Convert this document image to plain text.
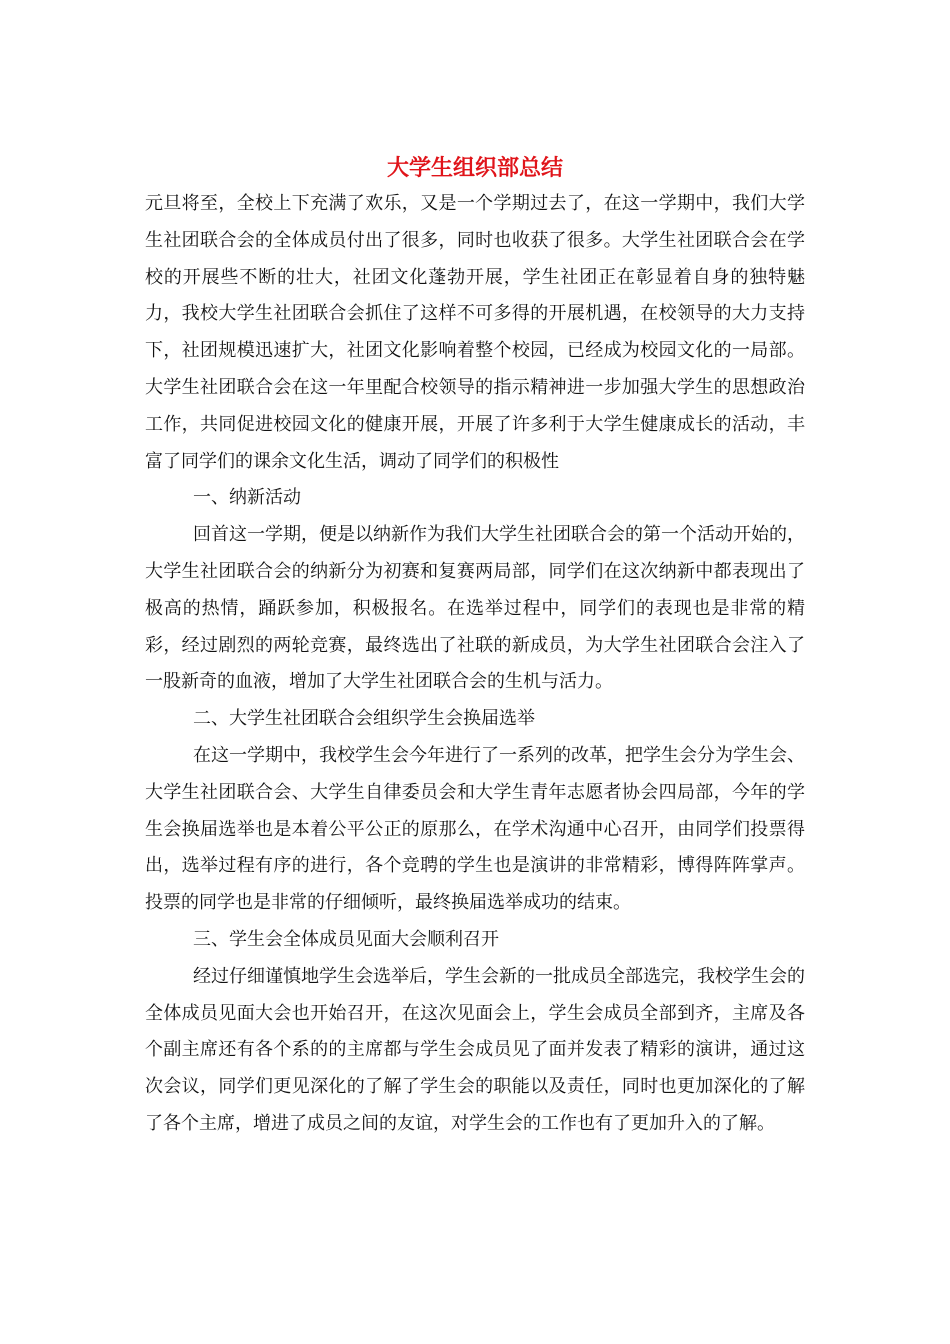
大学生组织部总结

元旦将至，全校上下充满了欢乐，又是一个学期过去了，在这一学期中，我们大学生社团联合会的全体成员付出了很多，同时也收获了很多。大学生社团联合会在学校的开展些不断的壮大，社团文化蓬勃开展，学生社团正在彰显着自身的独特魅力，我校大学生社团联合会抓住了这样不可多得的开展机遇，在校领导的大力支持下，社团规模迅速扩大，社团文化影响着整个校园，已经成为校园文化的一局部。大学生社团联合会在这一年里配合校领导的指示精神进一步加强大学生的思想政治工作，共同促进校园文化的健康开展，开展了许多利于大学生健康成长的活动，丰富了同学们的课余文化生活，调动了同学们的积极性

一、纳新活动

回首这一学期，便是以纳新作为我们大学生社团联合会的第一个活动开始的，大学生社团联合会的纳新分为初赛和复赛两局部，同学们在这次纳新中都表现出了极高的热情，踊跃参加，积极报名。在选举过程中，同学们的表现也是非常的精彩，经过剧烈的两轮竞赛，最终选出了社联的新成员，为大学生社团联合会注入了一股新奇的血液，增加了大学生社团联合会的生机与活力。

二、大学生社团联合会组织学生会换届选举

在这一学期中，我校学生会今年进行了一系列的改革，把学生会分为学生会、大学生社团联合会、大学生自律委员会和大学生青年志愿者协会四局部，今年的学生会换届选举也是本着公平公正的原那么，在学术沟通中心召开，由同学们投票得出，选举过程有序的进行，各个竞聘的学生也是演讲的非常精彩，博得阵阵掌声。投票的同学也是非常的仔细倾听，最终换届选举成功的结束。

三、学生会全体成员见面大会顺利召开

经过仔细谨慎地学生会选举后，学生会新的一批成员全部选完，我校学生会的全体成员见面大会也开始召开，在这次见面会上，学生会成员全部到齐，主席及各个副主席还有各个系的的主席都与学生会成员见了面并发表了精彩的演讲，通过这次会议，同学们更见深化的了解了学生会的职能以及责任，同时也更加深化的了解了各个主席，增进了成员之间的友谊，对学生会的工作也有了更加升入的了解。
